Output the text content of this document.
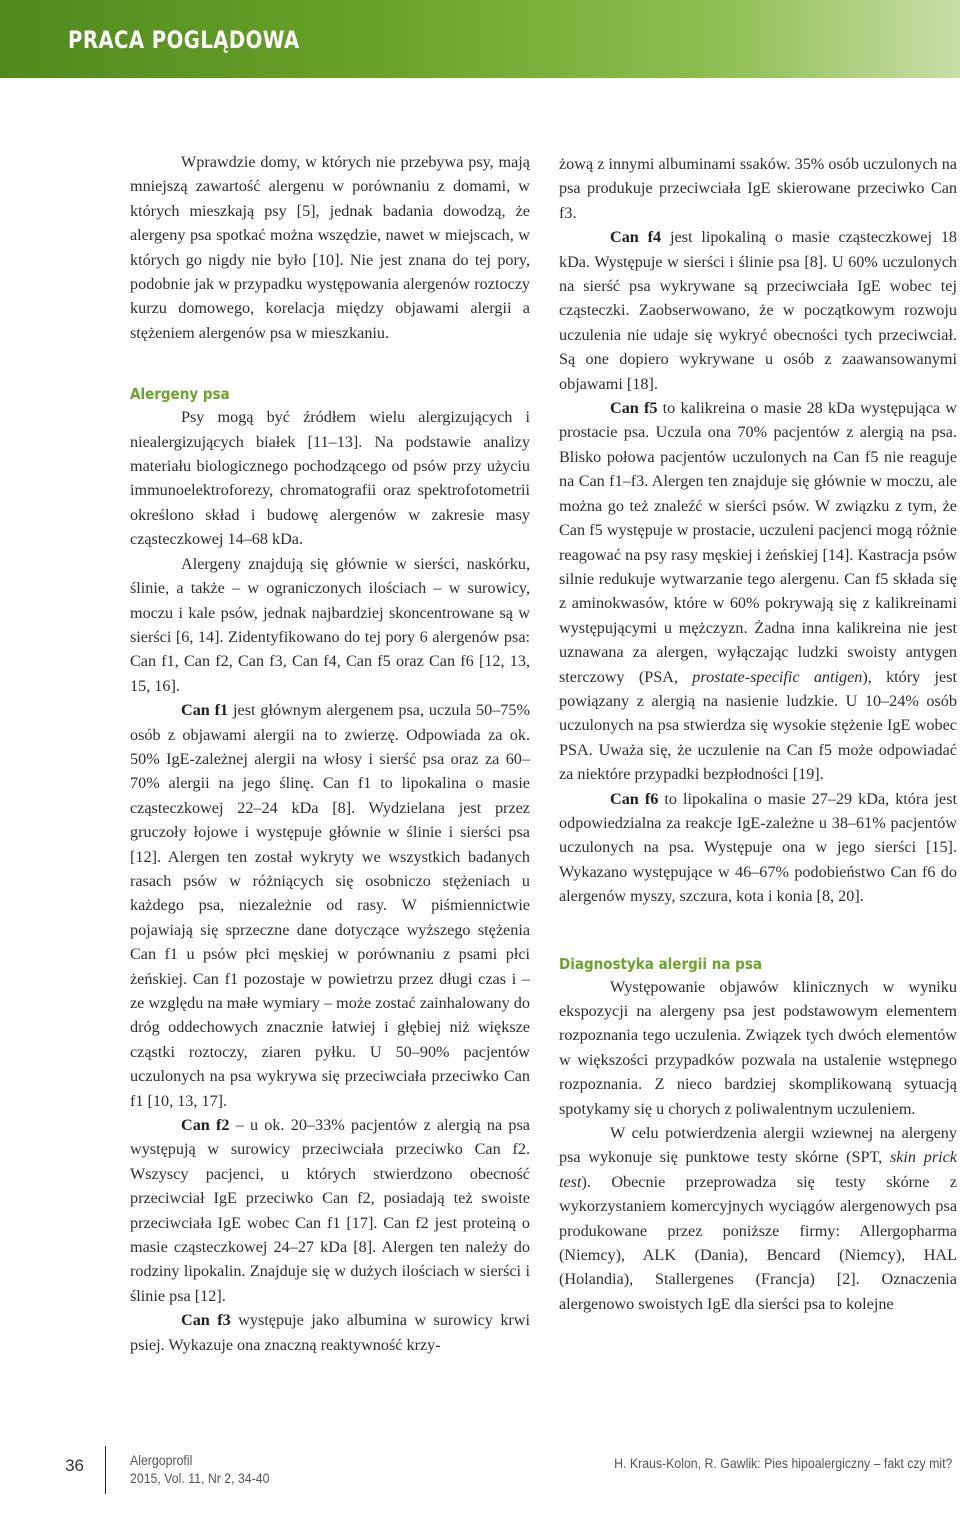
PRACA POGLĄDOWA

Wprawdzie domy, w których nie przebywa psy, mają mniejszą zawartość alergenu w porównaniu z domami, w których mieszkają psy [5], jednak badania dowodzą, że alergeny psa spotkać można wszędzie, nawet w miejscach, w których go nigdy nie było [10]. Nie jest znana do tej pory, podobnie jak w przypadku występowania alergenów roztoczy kurzu domowego, korelacja między objawami alergii a stężeniem alergenów psa w mieszkaniu.

Alergeny psa

Psy mogą być źródłem wielu alergizujących i niealergizujących białek [11–13]. Na podstawie analizy materiału biologicznego pochodzącego od psów przy użyciu immunoelektroforezy, chromatografii oraz spektrofotometrii określono skład i budowę alergenów w zakresie masy cząsteczkowej 14–68 kDa.

Alergeny znajdują się głównie w sierści, naskórku, ślinie, a także – w ograniczonych ilościach – w surowicy, moczu i kale psów, jednak najbardziej skoncentrowane są w sierści [6, 14]. Zidentyfikowano do tej pory 6 alergenów psa: Can f1, Can f2, Can f3, Can f4, Can f5 oraz Can f6 [12, 13, 15, 16].

Can f1 jest głównym alergenem psa, uczula 50–75% osób z objawami alergii na to zwierzę. Odpowiada za ok. 50% IgE-zależnej alergii na włosy i sierść psa oraz za 60–70% alergii na jego ślinę. Can f1 to lipokalina o masie cząsteczkowej 22–24 kDa [8]. Wydzielana jest przez gruczoły łojowe i występuje głównie w ślinie i sierści psa [12]. Alergen ten został wykryty we wszystkich badanych rasach psów w różniących się osobniczo stężeniach u każdego psa, niezależnie od rasy. W piśmiennictwie pojawiają się sprzeczne dane dotyczące wyższego stężenia Can f1 u psów płci męskiej w porównaniu z psami płci żeńskiej. Can f1 pozostaje w powietrzu przez długi czas i – ze względu na małe wymiary – może zostać zainhalowany do dróg oddechowych znacznie łatwiej i głębiej niż większe cząstki roztoczy, ziaren pyłku. U 50–90% pacjentów uczulonych na psa wykrywa się przeciwciała przeciwko Can f1 [10, 13, 17].

Can f2 – u ok. 20–33% pacjentów z alergią na psa występują w surowicy przeciwciała przeciwko Can f2. Wszyscy pacjenci, u których stwierdzono obecność przeciwciał IgE przeciwko Can f2, posiadają też swoiste przeciwciała IgE wobec Can f1 [17]. Can f2 jest proteiną o masie cząsteczkowej 24–27 kDa [8]. Alergen ten należy do rodziny lipokalin. Znajduje się w dużych ilościach w sierści i ślinie psa [12].

Can f3 występuje jako albumina w surowicy krwi psiej. Wykazuje ona znaczną reaktywność krzy-

żową z innymi albuminami ssaków. 35% osób uczulonych na psa produkuje przeciwciała IgE skierowane przeciwko Can f3.

Can f4 jest lipokaliną o masie cząsteczkowej 18 kDa. Występuje w sierści i ślinie psa [8]. U 60% uczulonych na sierść psa wykrywane są przeciwciała IgE wobec tej cząsteczki. Zaobserwowano, że w początkowym rozwoju uczulenia nie udaje się wykryć obecności tych przeciwciał. Są one dopiero wykrywane u osób z zaawansowanymi objawami [18].

Can f5 to kalikreina o masie 28 kDa występująca w prostacie psa. Uczula ona 70% pacjentów z alergią na psa. Blisko połowa pacjentów uczulonych na Can f5 nie reaguje na Can f1–f3. Alergen ten znajduje się głównie w moczu, ale można go też znaleźć w sierści psów. W związku z tym, że Can f5 występuje w prostacie, uczuleni pacjenci mogą różnie reagować na psy rasy męskiej i żeńskiej [14]. Kastracja psów silnie redukuje wytwarzanie tego alergenu. Can f5 składa się z aminokwasów, które w 60% pokrywają się z kalikreinami występującymi u mężczyzn. Żadna inna kalikreina nie jest uznawana za alergen, wyłączając ludzki swoisty antygen sterczowy (PSA, prostate-specific antigen), który jest powiązany z alergią na nasienie ludzkie. U 10–24% osób uczulonych na psa stwierdza się wysokie stężenie IgE wobec PSA. Uważa się, że uczulenie na Can f5 może odpowiadać za niektóre przypadki bezpłodności [19].

Can f6 to lipokalina o masie 27–29 kDa, która jest odpowiedzialna za reakcje IgE-zależne u 38–61% pacjentów uczulonych na psa. Występuje ona w jego sierści [15]. Wykazano występujące w 46–67% podobieństwo Can f6 do alergenów myszy, szczura, kota i konia [8, 20].

Diagnostyka alergii na psa

Występowanie objawów klinicznych w wyniku ekspozycji na alergeny psa jest podstawowym elementem rozpoznania tego uczulenia. Związek tych dwóch elementów w większości przypadków pozwala na ustalenie wstępnego rozpoznania. Z nieco bardziej skomplikowaną sytuacją spotykamy się u chorych z poliwalentnym uczuleniem.

W celu potwierdzenia alergii wziewnej na alergeny psa wykonuje się punktowe testy skórne (SPT, skin prick test). Obecnie przeprowadza się testy skórne z wykorzystaniem komercyjnych wyciągów alergenowych psa produkowane przez poniższe firmy: Allergopharma (Niemcy), ALK (Dania), Bencard (Niemcy), HAL (Holandia), Stallergenes (Francja) [2]. Oznaczenia alergenowo swoistych IgE dla sierści psa to kolejne

36	Alergoprofil
2015, Vol. 11, Nr 2, 34-40
H. Kraus-Kolon, R. Gawlik: Pies hipoalergiczny – fakt czy mit?
